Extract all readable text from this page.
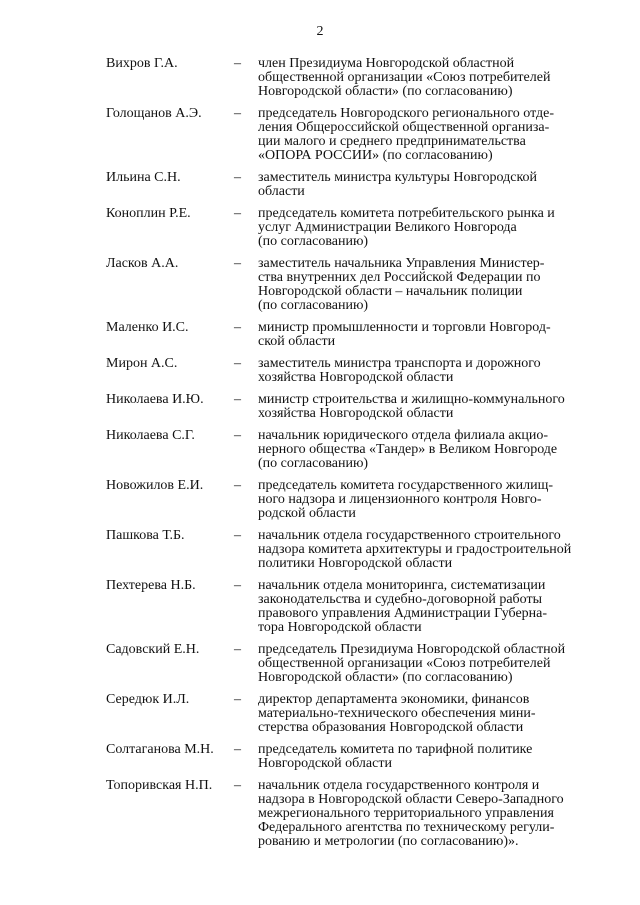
2
Вихров Г.А.	– член Президиума Новгородской областной
общественной организации «Союз потребителей
Новгородской области» (по согласованию)
Голощанов А.Э. – председатель Новгородского регионального отде-
ления Общероссийской общественной организа-
ции малого и среднего предпринимательства
«ОПОРА РОССИИ» (по согласованию)
Ильина С.Н.	– заместитель министра культуры Новгородской
области
Коноплин Р.Е.	– председатель комитета потребительского рынка и
услуг Администрации Великого Новгорода
(по согласованию)
Ласков А.А.	– заместитель начальника Управления Министер-
ства внутренних дел Российской Федерации по
Новгородской области – начальник полиции
(по согласованию)
Маленко И.С.	– министр промышленности и торговли Новгород-
ской области
Мирон А.С.	– заместитель министра транспорта и дорожного
хозяйства Новгородской области
Николаева И.Ю. – министр строительства и жилищно-коммунального
хозяйства Новгородской области
Николаева С.Г.	– начальник юридического отдела филиала акцио-
нерного общества «Тандер» в Великом Новгороде
(по согласованию)
Новожилов Е.И. – председатель комитета государственного жилищ-
ного надзора и лицензионного контроля Новго-
родской области
Пашкова Т.Б.	– начальник отдела государственного строительного
надзора комитета архитектуры и градостроительной
политики Новгородской области
Пехтерева Н.Б.	– начальник отдела мониторинга, систематизации
законодательства и судебно-договорной работы
правового управления Администрации Губерна-
тора Новгородской области
Садовский Е.Н. – председатель Президиума Новгородской областной
общественной организации «Союз потребителей
Новгородской области» (по согласованию)
Середюк И.Л.	– директор департамента экономики, финансов
материально-технического обеспечения мини-
стерства образования Новгородской области
Солтаганова М.Н. – председатель комитета по тарифной политике
Новгородской области
Топоривская Н.П. – начальник отдела государственного контроля и
надзора в Новгородской области Северо-Западного
межрегионального территориального управления
Федерального агентства по техническому регули-
рованию и метрологии (по согласованию)».
